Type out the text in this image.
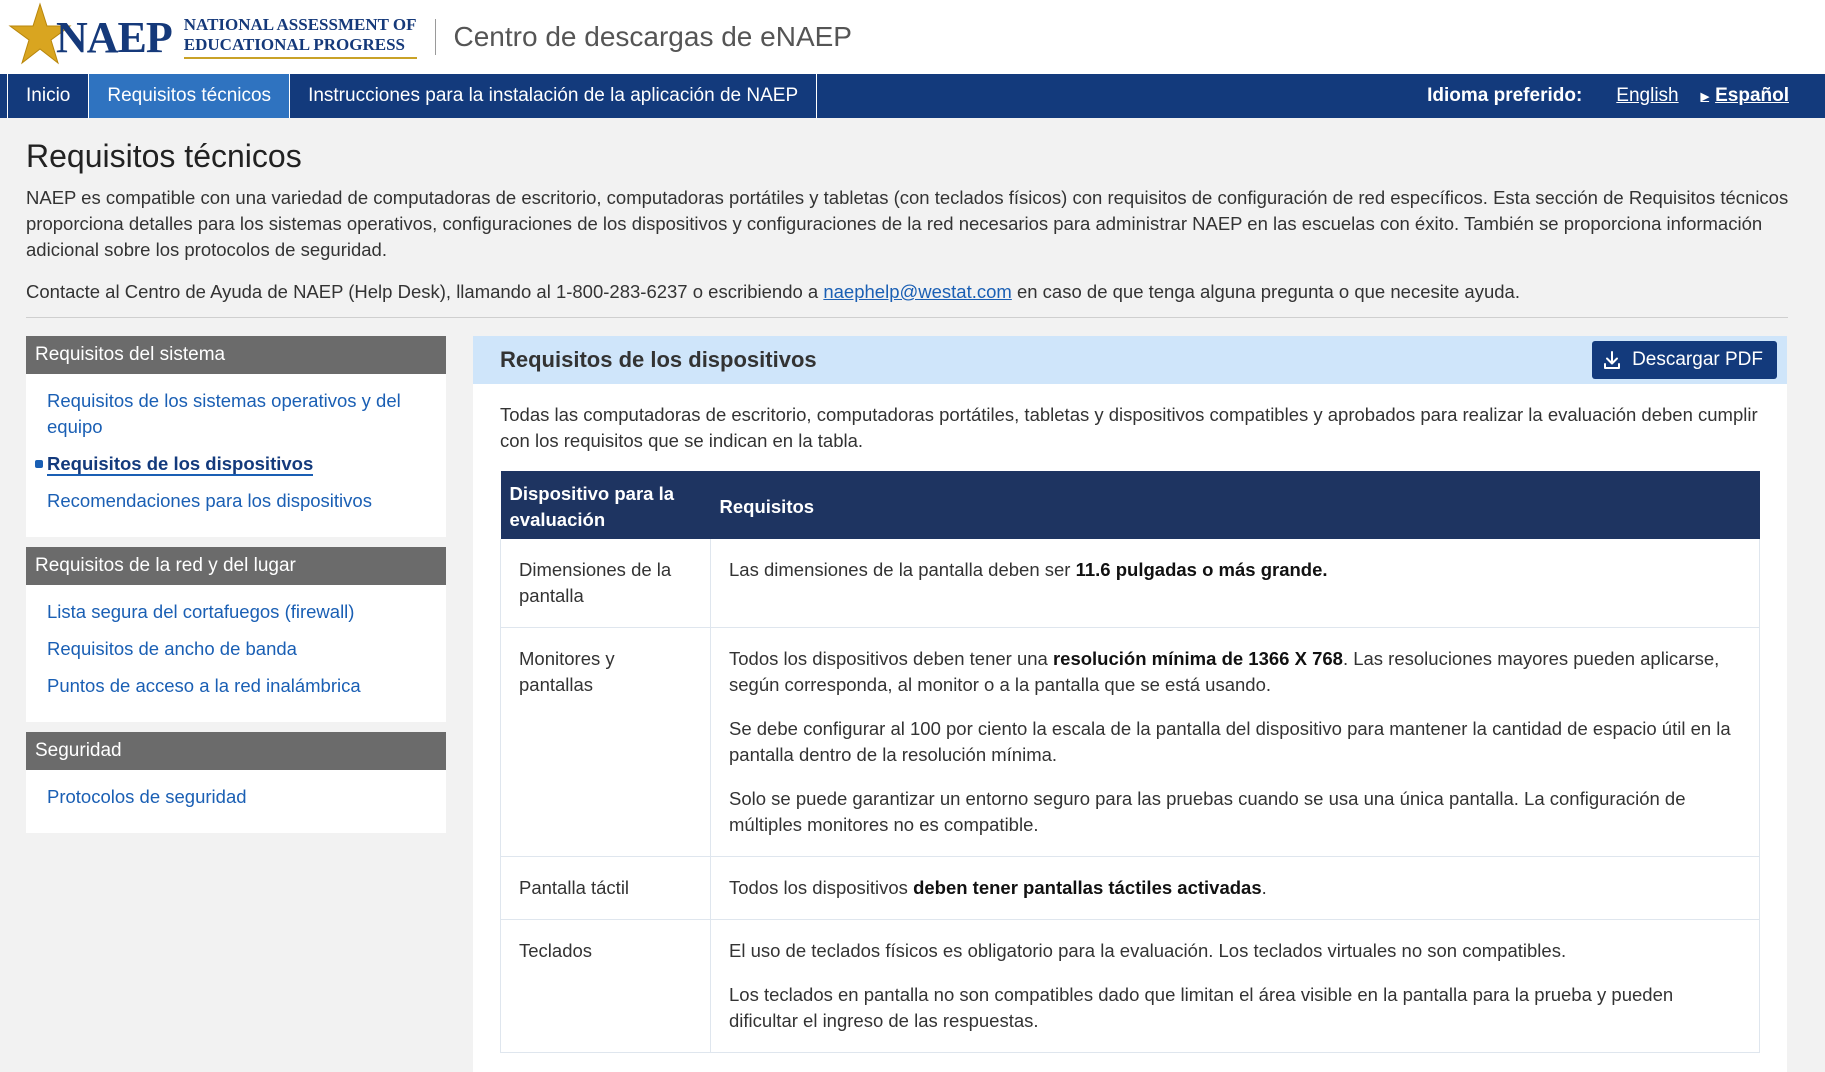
NAEP NATIONAL ASSESSMENT OF
EDUCATIONAL PROGRESS	Centro de descargas de eNAEP
Inicio	Requisitos técnicos	Instrucciones para la instalación de la aplicación de NAEP	Idioma preferido: English ▶ Español
Requisitos técnicos

NAEP es compatible con una variedad de computadoras de escritorio, computadoras portátiles y tabletas (con teclados físicos) con requisitos de configuración de red específicos. Esta sección de Requisitos técnicos proporciona detalles para los sistemas operativos, configuraciones de los dispositivos y configuraciones de la red necesarios para administrar NAEP en las escuelas con éxito. También se proporciona información adicional sobre los protocolos de seguridad.

Contacte al Centro de Ayuda de NAEP (Help Desk), llamando al 1-800-283-6237 o escribiendo a naephelp@westat.com en caso de que tenga alguna pregunta o que necesite ayuda.

Requisitos del sistema
Requisitos de los sistemas operativos y del equipo
Requisitos de los dispositivos
Recomendaciones para los dispositivos
Requisitos de la red y del lugar
Lista segura del cortafuegos (firewall)
Requisitos de ancho de banda
Puntos de acceso a la red inalámbrica
Seguridad
Protocolos de seguridad
Requisitos de los dispositivos	Descargar PDF

Todas las computadoras de escritorio, computadoras portátiles, tabletas y dispositivos compatibles y aprobados para realizar la evaluación deben cumplir con los requisitos que se indican en la tabla.

Dispositivo para la evaluación	Requisitos
Dimensiones de la pantalla	Las dimensiones de la pantalla deben ser 11.6 pulgadas o más grande.

Monitores y pantallas	Todos los dispositivos deben tener una resolución mínima de 1366 X 768. Las resoluciones mayores pueden aplicarse, según corresponda, al monitor o a la pantalla que se está usando.

Se debe configurar al 100 por ciento la escala de la pantalla del dispositivo para mantener la cantidad de espacio útil en la pantalla dentro de la resolución mínima.

Solo se puede garantizar un entorno seguro para las pruebas cuando se usa una única pantalla. La configuración de múltiples monitores no es compatible.

Pantalla táctil	Todos los dispositivos deben tener pantallas táctiles activadas.

Teclados	El uso de teclados físicos es obligatorio para la evaluación. Los teclados virtuales no son compatibles.

Los teclados en pantalla no son compatibles dado que limitan el área visible en la pantalla para la prueba y pueden dificultar el ingreso de las respuestas.
